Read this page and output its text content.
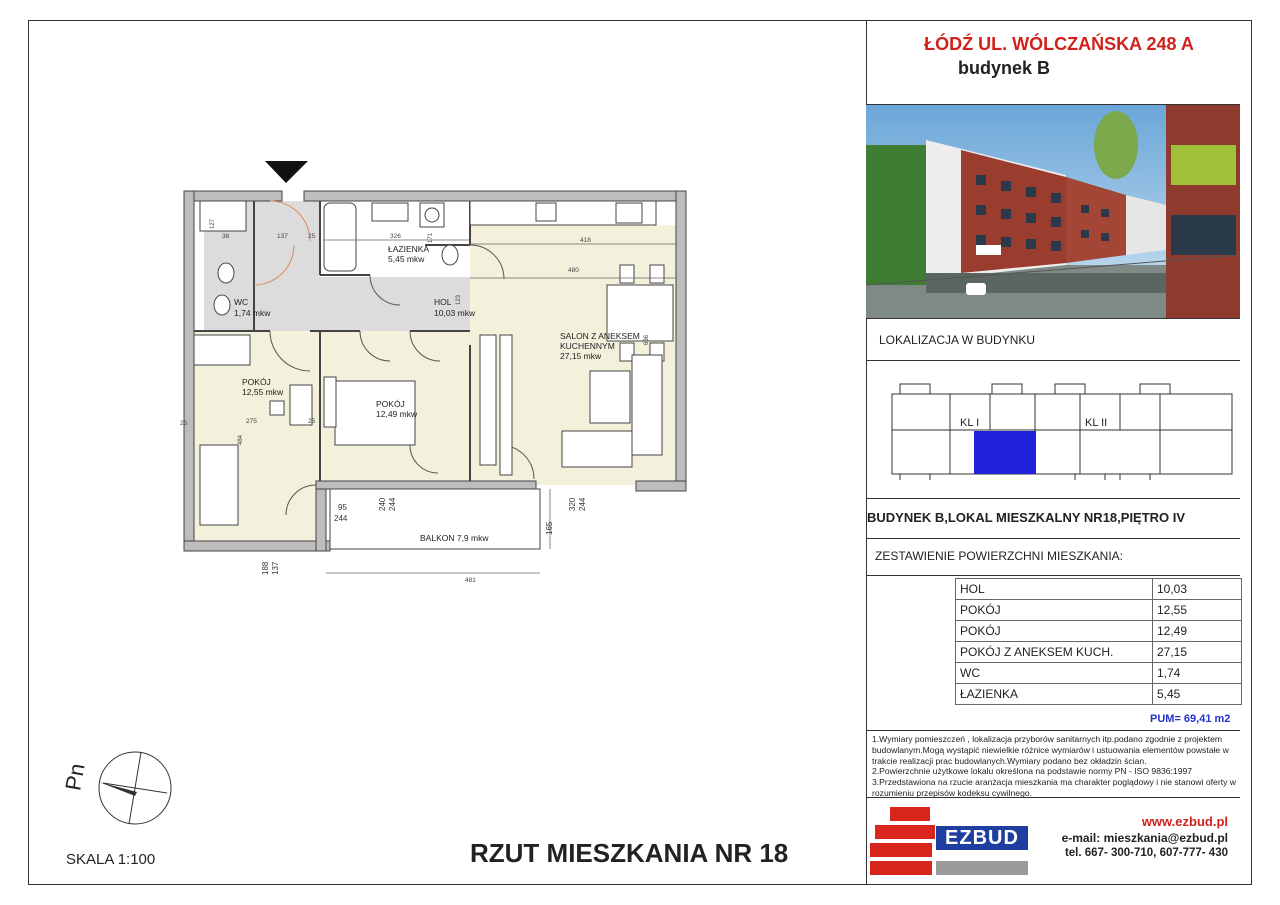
ŁÓDŹ UL. WÓLCZAŃSKA 248 A
budynek B
LOKALIZACJA W BUDYNKU
KL I	KL II
BUDYNEK B,LOKAL MIESZKALNY NR18,PIĘTRO IV
ZESTAWIENIE POWIERZCHNI MIESZKANIA:
HOL	10,03
POKÓJ	12,55
POKÓJ	12,49
POKÓJ Z ANEKSEM KUCH.	27,15
WC	1,74
ŁAZIENKA	5,45
PUM= 69,41 m2
1.Wymiary pomieszczeń , lokalizacja przyborów sanitarnych itp.podano zgodnie z projektem budowlanym.Mogą wystąpić niewielkie różnice wymiarów i ustuowania elementów powstałe w trakcie realizacji prac budowlanych.Wymiary podano bez okładzin ścian.
2.Powierzchnie użytkowe lokalu określona na podstawie normy PN - ISO 9836:1997
3.Przedstawiona na rzucie aranżacja mieszkania ma charakter poglądowy i nie stanowi oferty w rozumieniu przepisów kodeksu cywilnego.
EZBUD
www.ezbud.pl
e-mail: mieszkania@ezbud.pl
tel. 667- 300-710, 607-777- 430
ŁAZIENKA
5,45 mkw
WC
1,74 mkw
HOL
10,03 mkw
SALON Z ANEKSEM
KUCHENNYM
27,15 mkw
POKÓJ
12,55 mkw
POKÓJ
12,49 mkw
BALKON 7,9 mkw
326
137
38	25
418
480
25	275	25
481
95
244
240 244	320 244
165
188 137
127
171
123
636
484
Pn
SKALA 1:100	RZUT MIESZKANIA NR 18
